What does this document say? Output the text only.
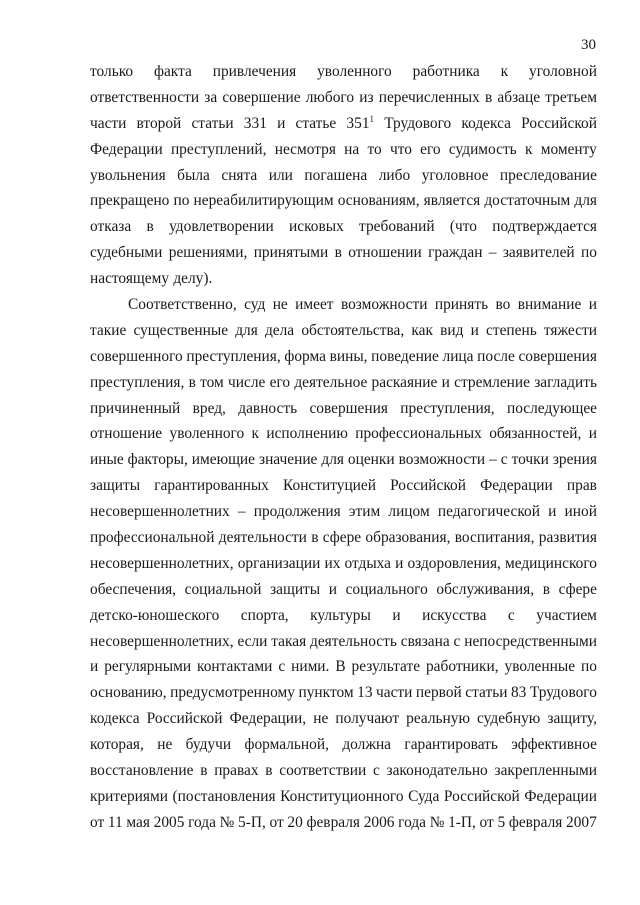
30
только факта привлечения уволенного работника к уголовной
ответственности за совершение любого из перечисленных в абзаце третьем
части второй статьи 331 и статье $351^1$ Трудового кодекса Российской
Федерации преступлений, несмотря на то что его судимость к моменту
увольнения была снята или погашена либо уголовное преследование
прекращено по нереабилитирующим основаниям, является достаточным для
отказа в удовлетворении исковых требований (что подтверждается
судебными решениями, принятыми в отношении граждан – заявителей по
настоящему делу).
Соответственно, суд не имеет возможности принять во внимание и
такие существенные для дела обстоятельства, как вид и степень тяжести
совершенного преступления, форма вины, поведение лица после совершения
преступления, в том числе его деятельное раскаяние и стремление загладить
причиненный вред, давность совершения преступления, последующее
отношение уволенного к исполнению профессиональных обязанностей, и
иные факторы, имеющие значение для оценки возможности – с точки зрения
защиты гарантированных Конституцией Российской Федерации прав
несовершеннолетних – продолжения этим лицом педагогической и иной
профессиональной деятельности в сфере образования, воспитания, развития
несовершеннолетних, организации их отдыха и оздоровления, медицинского
обеспечения, социальной защиты и социального обслуживания, в сфере
детско-юношеского спорта, культуры и искусства с участием
несовершеннолетних, если такая деятельность связана с непосредственными
и регулярными контактами с ними. В результате работники, уволенные по
основанию, предусмотренному пунктом 13 части первой статьи 83 Трудового
кодекса Российской Федерации, не получают реальную судебную защиту,
которая, не будучи формальной, должна гарантировать эффективное
восстановление в правах в соответствии с законодательно закрепленными
критериями (постановления Конституционного Суда Российской Федерации
от 11 мая 2005 года № 5-П, от 20 февраля 2006 года № 1-П, от 5 февраля 2007
